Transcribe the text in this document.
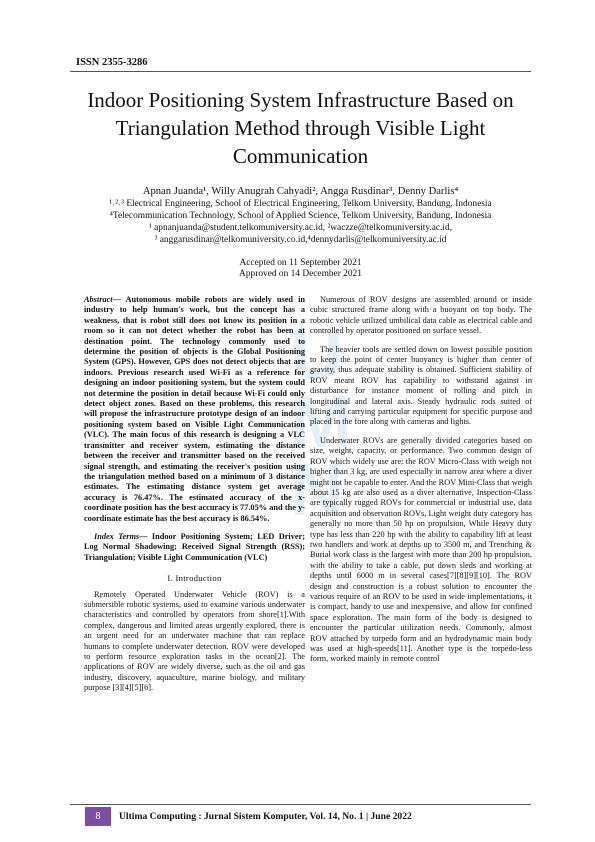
ISSN 2355-3286
U
M
N
Indoor Positioning System Infrastructure Based on Triangulation Method through Visible Light Communication
Apnan Juanda¹, Willy Anugrah Cahyadi², Angga Rusdinar³, Denny Darlis⁴
¹˒²˒³ Electrical Engineering, School of Electrical Engineering, Telkom University, Bandung, Indonesia
⁴Telecommunication Technology, School of Applied Science, Telkom University, Bandung, Indonesia
¹ apnanjuanda@student.telkomuniversity.ac.id, ²waczze@telkomuniversity.ac.id,
³ anggarusdinar@telkomuniversity.co.id,⁴dennydarlis@telkomuniversity.ac.id
Accepted on 11 September 2021
Approved on 14 December 2021

Abstract— Autonomous mobile robots are widely used in industry to help human's work, but the concept has a weakness, that is robot still does not know its position in a room so it can not detect whether the robot has been at destination point. The technology commonly used to determine the position of objects is the Global Positioning System (GPS). However, GPS does not detect objects that are indoors. Previous research used Wi-Fi as a reference for designing an indoor positioning system, but the system could not determine the position in detail because Wi-Fi could only detect object zones. Based on these problems, this research will propose the infrastructure prototype design of an indoor positioning system based on Visible Light Communication (VLC). The main focus of this research is designing a VLC transmitter and receiver system, estimating the distance between the receiver and transmitter based on the received signal strength, and estimating the receiver's position using the triangulation method based on a minimum of 3 distance estimates. The estimating distance system get average accuracy is 76.47%. The estimated accuracy of the x-coordinate position has the best accuracy is 77.05% and the y-coordinate estimate has the best accuracy is 86.54%.

Index Terms— Indoor Positioning System; LED Driver; Log Normal Shadowing; Received Signal Strength (RSS); Triangulation; Visible Light Communication (VLC)

I. Introduction

Remotely Operated Underwater Vehicle (ROV) is a submersible robotic systems, used to examine various underwater characteristics and controlled by operators from shore[1].With complex, dangerous and limited areas urgently explored, there is an urgent need for an underwater machine that can replace humans to complete underwater detection. ROV were developed to perform resource exploration tasks in the ocean[2]. The applications of ROV are widely diverse, such as the oil and gas industry, discovery, aquaculture, marine biology, and military purpose [3][4][5][6].

Numerous of ROV designs are assembled around or inside cubic structured frame along with a buoyant on top body. The robotic vehicle utilized umbilical data cable as electrical cable and controlled by operator positioned on surface vessel.

The heavier tools are settled down on lowest possible position to keep the point of center buoyancy is higher than center of gravity, thus adequate stability is obtained. Sufficient stability of ROV meant ROV has capability to withstand against in disturbance for instance moment of rolling and pitch in longitudinal and lateral axis. Steady hydraulic rods suited of lifting and carrying particular equipment for specific purpose and placed in the fore along with cameras and lights.

Underwater ROVs are generally divided categories based on size, weight, capacity, or performance. Two common design of ROV which widely use are: the ROV Micro-Class with weigh not higher than 3 kg, are used especially in narrow area where a diver might not be capable to enter. And the ROV Mini-Class that weigh about 15 kg are also used as a diver alternative, Inspection-Class are typically rugged ROVs for commercial or industrial use, data acquisition and observation ROVs, Light weight duty category has generally no more than 50 hp on propulsion, While Heavy duty type has less than 220 hp with the ability to capability lift at least two handlers and work at depths up to 3500 m, and Trenching & Burial work class is the largest with more than 200 hp propulsion, with the ability to take a cable, put down sleds and working at depths until 6000 m in several cases[7][8][9][10]. The ROV design and construction is a robust solution to encounter the various require of an ROV to be used in wide implementations, it is compact, handy to use and inexpensive, and allow for confined space exploration. The main form of the body is designed to encounter the particular utilization needs. Commonly, almost ROV attached by torpedo form and an hydrodynamic main body was used at high-speeds[11]. Another type is the torpedo-less form, worked mainly in remote control

8	Ultima Computing : Jurnal Sistem Komputer, Vol. 14, No. 1 | June 2022
